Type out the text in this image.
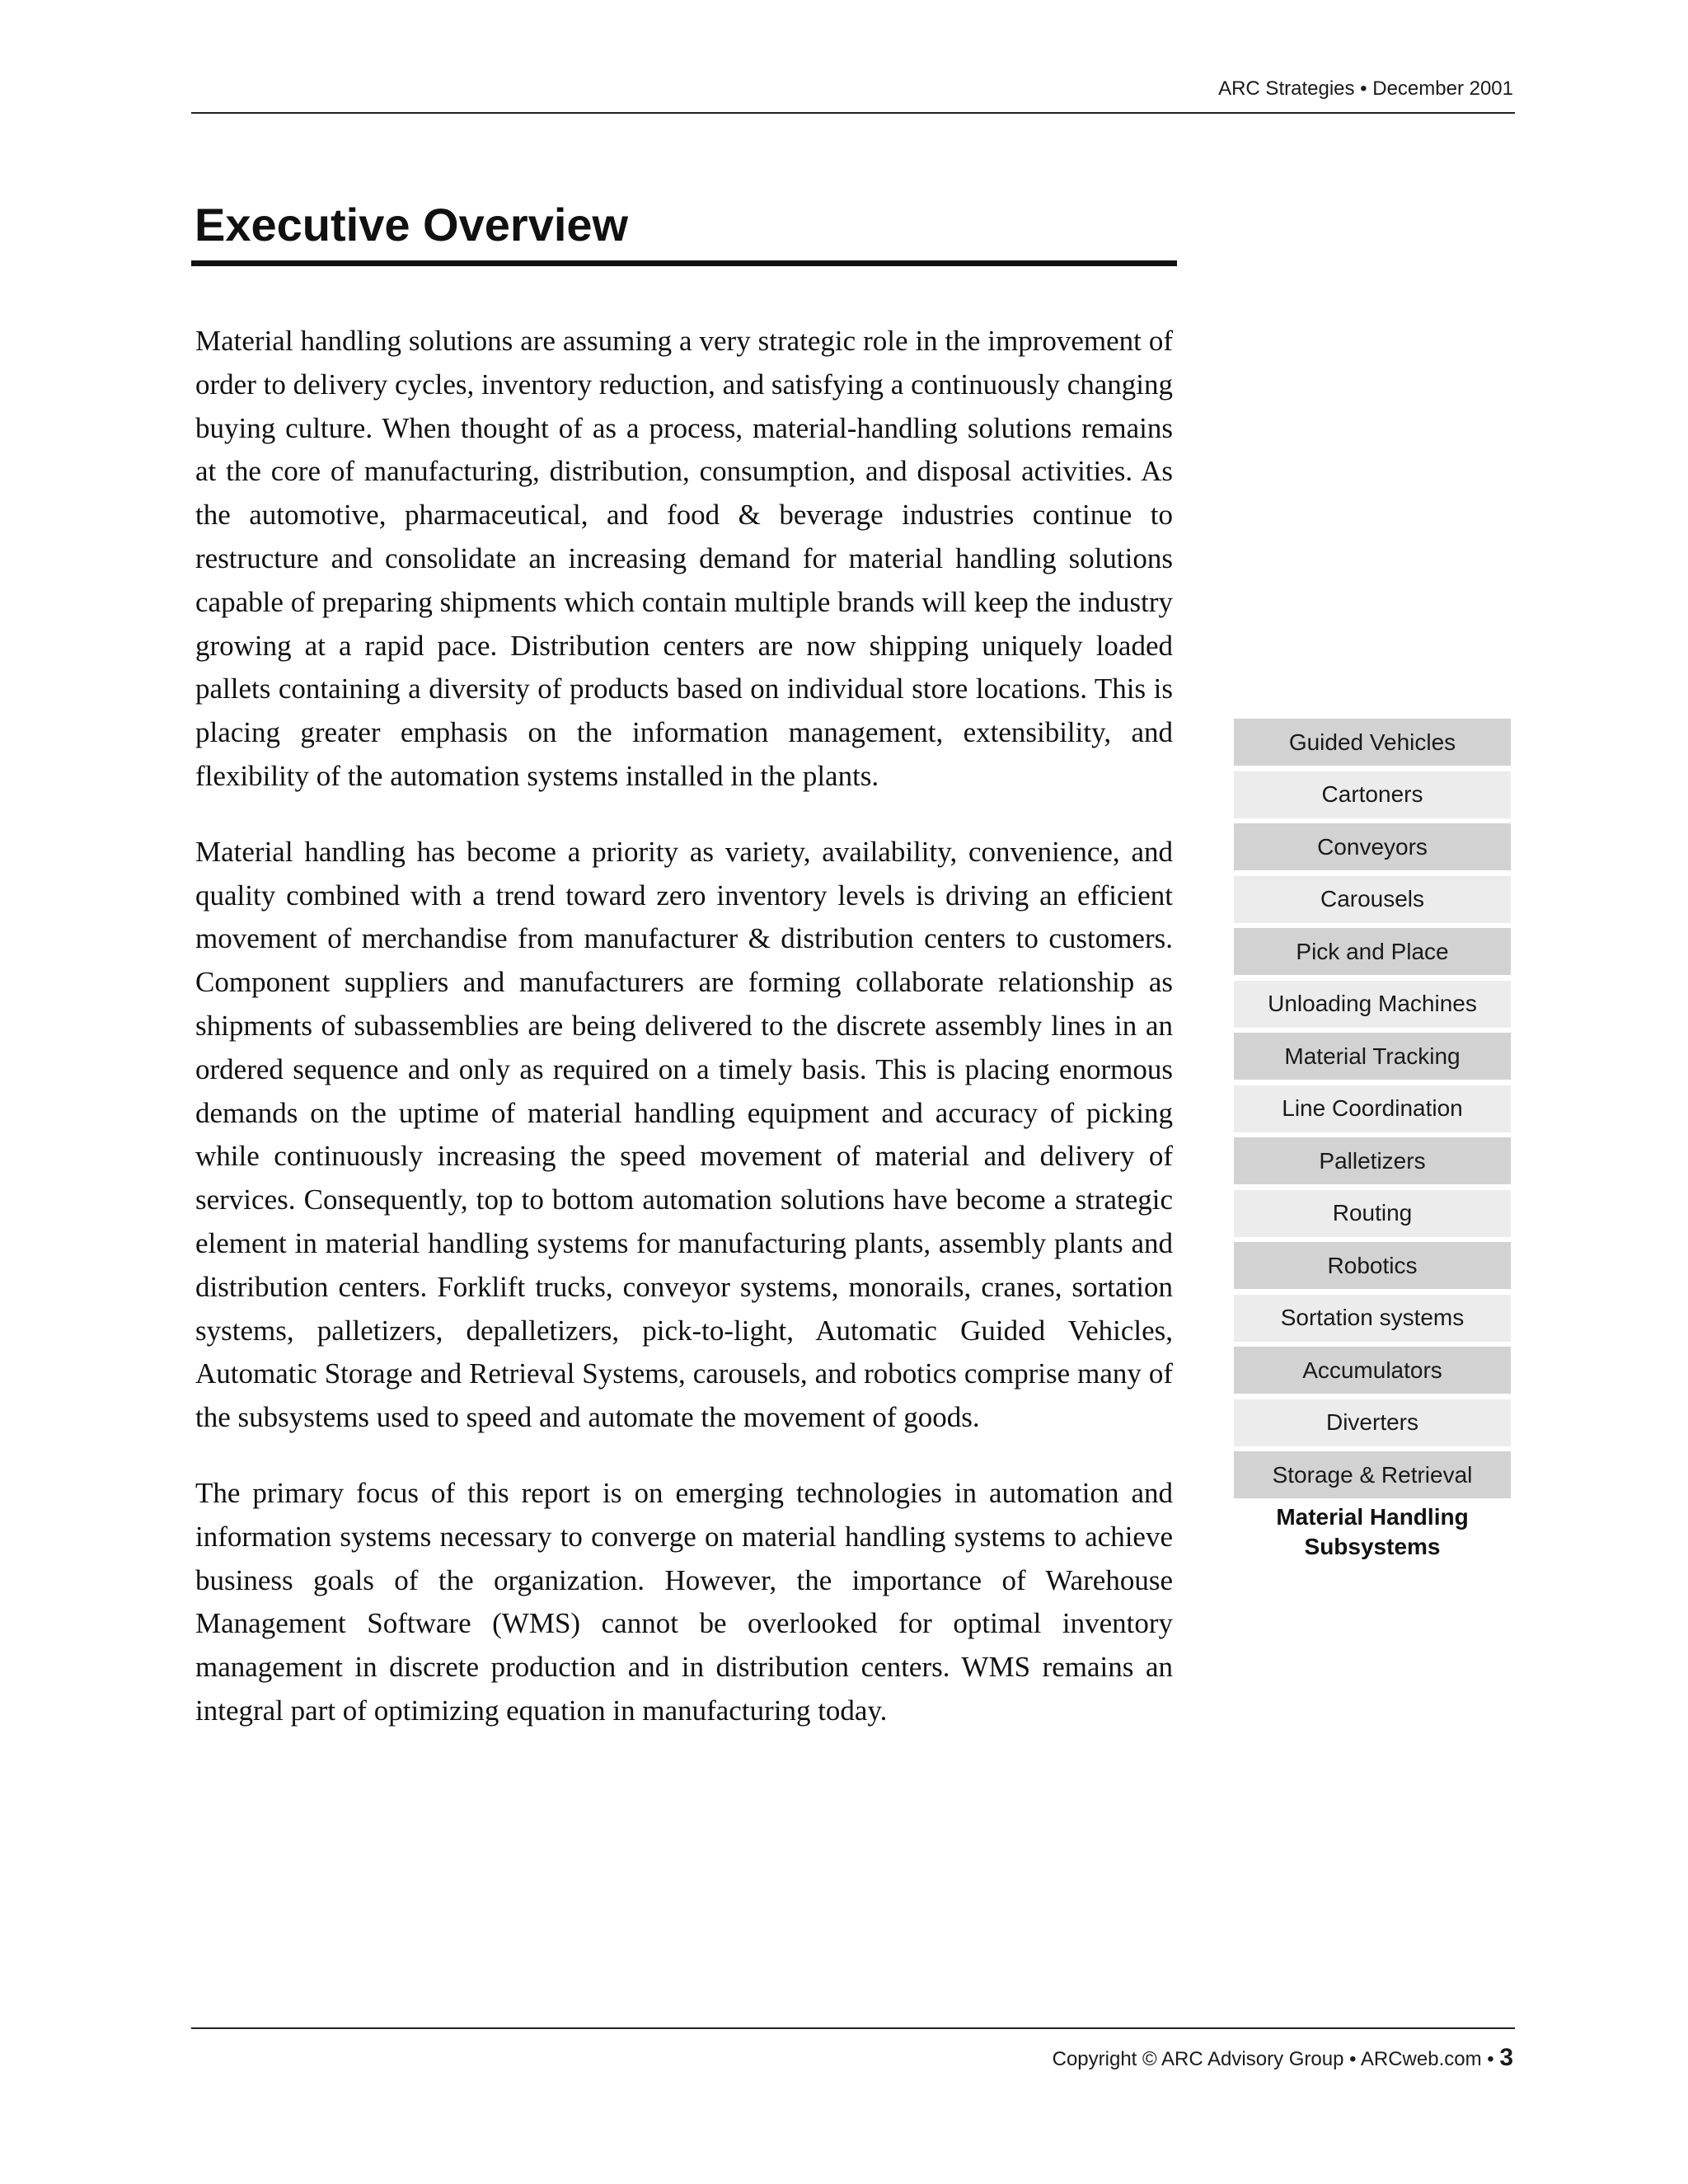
ARC Strategies • December 2001
Executive Overview

Material handling solutions are assuming a very strategic role in the improvement of order to delivery cycles, inventory reduction, and satisfying a continuously changing buying culture. When thought of as a process, material-handling solutions remains at the core of manufacturing, distribution, consumption, and disposal activities. As the automotive, pharmaceutical, and food & beverage industries continue to restructure and consolidate an increasing demand for material handling solutions capable of preparing shipments which contain multiple brands will keep the industry growing at a rapid pace. Distribution centers are now shipping uniquely loaded pallets containing a diversity of products based on individual store locations. This is placing greater emphasis on the information management, extensibility, and flexibility of the automation systems installed in the plants.

Material handling has become a priority as variety, availability, convenience, and quality combined with a trend toward zero inventory levels is driving an efficient movement of merchandise from manufacturer & distribution centers to customers. Component suppliers and manufacturers are forming collaborate relationship as shipments of subassemblies are being delivered to the discrete assembly lines in an ordered sequence and only as required on a timely basis. This is placing enormous demands on the uptime of material handling equipment and accuracy of picking while continuously increasing the speed movement of material and delivery of services. Consequently, top to bottom automation solutions have become a strategic element in material handling systems for manufacturing plants, assembly plants and distribution centers. Forklift trucks, conveyor systems, monorails, cranes, sortation systems, palletizers, depalletizers, pick-to-light, Automatic Guided Vehicles, Automatic Storage and Retrieval Systems, carousels, and robotics comprise many of the subsystems used to speed and automate the movement of goods.

The primary focus of this report is on emerging technologies in automation and information systems necessary to converge on material handling systems to achieve business goals of the organization. However, the importance of Warehouse Management Software (WMS) cannot be overlooked for optimal inventory management in discrete production and in distribution centers. WMS remains an integral part of optimizing equation in manufacturing today.

Guided Vehicles
Cartoners
Conveyors
Carousels
Pick and Place
Unloading Machines
Material Tracking
Line Coordination
Palletizers
Routing
Robotics
Sortation systems
Accumulators
Diverters
Storage & Retrieval
Material Handling
Subsystems
Copyright © ARC Advisory Group • ARCweb.com • 3
